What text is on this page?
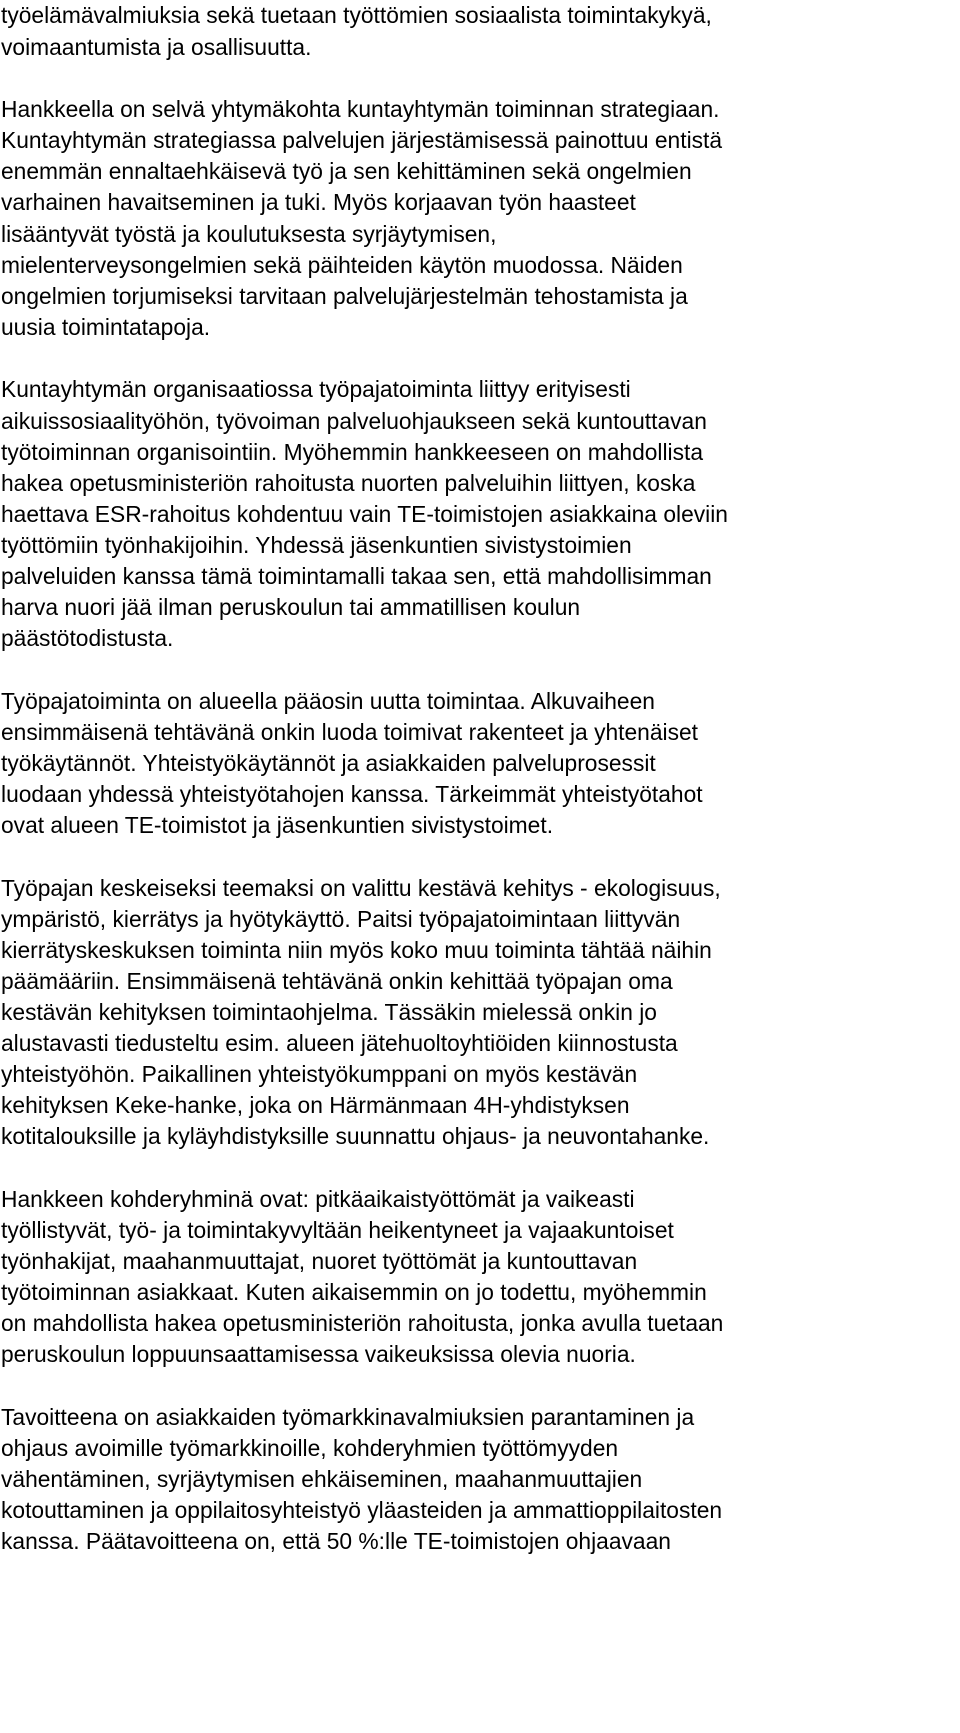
työelämävalmiuksia sekä tuetaan työttömien sosiaalista toimintakykyä,

voimaantumista ja osallisuutta.

Hankkeella on selvä yhtymäkohta kuntayhtymän toiminnan strategiaan.

Kuntayhtymän strategiassa palvelujen järjestämisessä painottuu entistä

enemmän ennaltaehkäisevä työ ja sen kehittäminen sekä ongelmien

varhainen havaitseminen ja tuki. Myös korjaavan työn haasteet

lisääntyvät työstä ja koulutuksesta syrjäytymisen,

mielenterveysongelmien sekä päihteiden käytön muodossa. Näiden

ongelmien torjumiseksi tarvitaan palvelujärjestelmän tehostamista ja

uusia toimintatapoja.

Kuntayhtymän organisaatiossa työpajatoiminta liittyy erityisesti

aikuissosiaalityöhön, työvoiman palveluohjaukseen sekä kuntouttavan

työtoiminnan organisointiin. Myöhemmin hankkeeseen on mahdollista

hakea opetusministeriön rahoitusta nuorten palveluihin liittyen, koska

haettava ESR-rahoitus kohdentuu vain TE-toimistojen asiakkaina oleviin

työttömiin työnhakijoihin. Yhdessä jäsenkuntien sivistystoimien

palveluiden kanssa tämä toimintamalli takaa sen, että mahdollisimman

harva nuori jää ilman peruskoulun tai ammatillisen koulun

päästötodistusta.

Työpajatoiminta on alueella pääosin uutta toimintaa. Alkuvaiheen

ensimmäisenä tehtävänä onkin luoda toimivat rakenteet ja yhtenäiset

työkäytännöt. Yhteistyökäytännöt ja asiakkaiden palveluprosessit

luodaan yhdessä yhteistyötahojen kanssa. Tärkeimmät yhteistyötahot

ovat alueen TE-toimistot ja jäsenkuntien sivistystoimet.

Työpajan keskeiseksi teemaksi on valittu kestävä kehitys - ekologisuus,

ympäristö, kierrätys ja hyötykäyttö. Paitsi työpajatoimintaan liittyvän

kierrätyskeskuksen toiminta niin myös koko muu toiminta tähtää näihin

päämääriin. Ensimmäisenä tehtävänä onkin kehittää työpajan oma

kestävän kehityksen toimintaohjelma. Tässäkin mielessä onkin jo

alustavasti tiedusteltu esim. alueen jätehuoltoyhtiöiden kiinnostusta

yhteistyöhön. Paikallinen yhteistyökumppani on myös kestävän

kehityksen Keke-hanke, joka on Härmänmaan 4H-yhdistyksen

kotitalouksille ja kyläyhdistyksille suunnattu ohjaus- ja neuvontahanke.

Hankkeen kohderyhminä ovat: pitkäaikaistyöttömät ja vaikeasti

työllistyvät, työ- ja toimintakyvyltään heikentyneet ja vajaakuntoiset

työnhakijat, maahanmuuttajat, nuoret työttömät ja kuntouttavan

työtoiminnan asiakkaat. Kuten aikaisemmin on jo todettu, myöhemmin

on mahdollista hakea opetusministeriön rahoitusta, jonka avulla tuetaan

peruskoulun loppuunsaattamisessa vaikeuksissa olevia nuoria.

Tavoitteena on asiakkaiden työmarkkinavalmiuksien parantaminen ja

ohjaus avoimille työmarkkinoille, kohderyhmien työttömyyden

vähentäminen, syrjäytymisen ehkäiseminen, maahanmuuttajien

kotouttaminen ja oppilaitosyhteistyö yläasteiden ja ammattioppilaitosten

kanssa. Päätavoitteena on, että 50 %:lle TE-toimistojen ohjaavaan
